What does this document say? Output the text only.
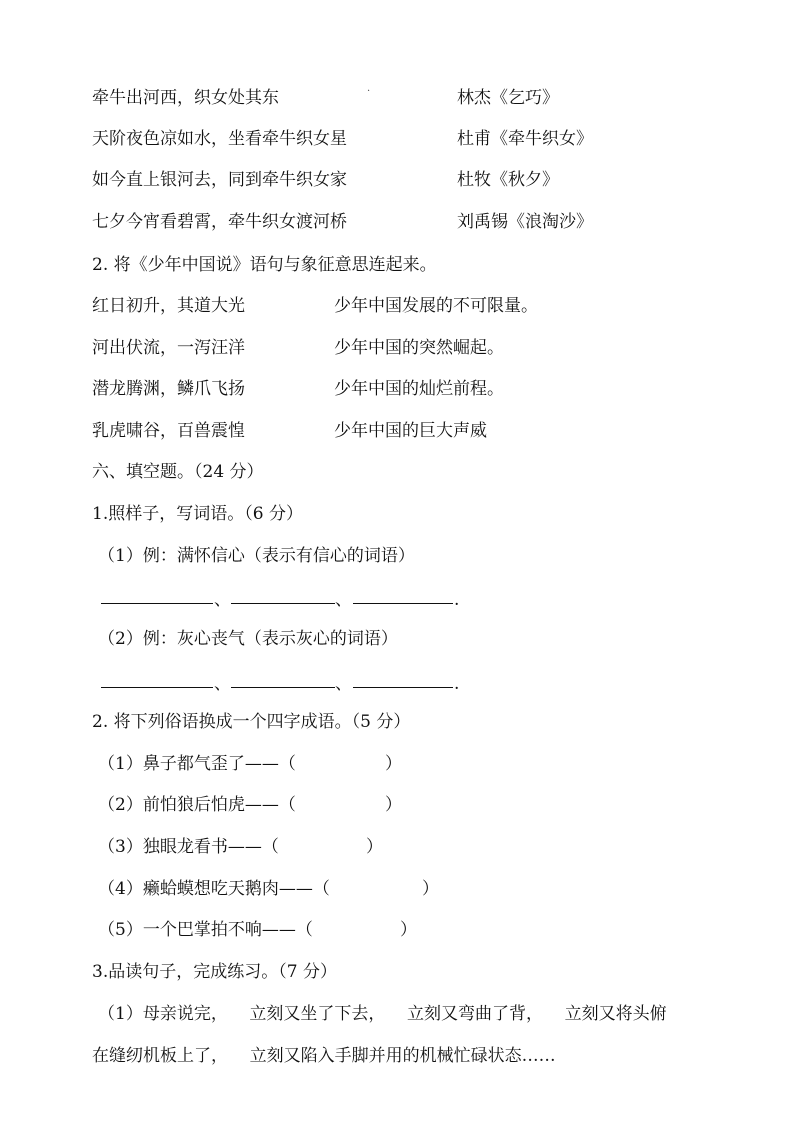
牵牛出河西，织女处其东	·	林杰《乞巧》
天阶夜色凉如水，坐看牵牛织女星	杜甫《牵牛织女》
如今直上银河去，同到牵牛织女家	杜牧《秋夕》
七夕今宵看碧霄，牵牛织女渡河桥	刘禹锡《浪淘沙》
2. 将《少年中国说》语句与象征意思连起来。
红日初升，其道大光	少年中国发展的不可限量。
河出伏流，一泻汪洋	少年中国的突然崛起。
潜龙腾渊，鳞爪飞扬	少年中国的灿烂前程。
乳虎啸谷，百兽震惶	少年中国的巨大声威
六、填空题。（24 分）
1.照样子，写词语。（6 分）
（1）例：满怀信心（表示有信心的词语）
、	、	.
（2）例：灰心丧气（表示灰心的词语）
、	、	.
2. 将下列俗语换成一个四字成语。（5 分）
（1）鼻子都气歪了——（	）
（2）前怕狼后怕虎——（	）
（3）独眼龙看书——（	）
（4）癞蛤蟆想吃天鹅肉——（	）
（5）一个巴掌拍不响——（	）
3.品读句子，完成练习。（7 分）
（1）母亲说完，    立刻又坐了下去，    立刻又弯曲了背，    立刻又将头俯
在缝纫机板上了，    立刻又陷入手脚并用的机械忙碌状态……
